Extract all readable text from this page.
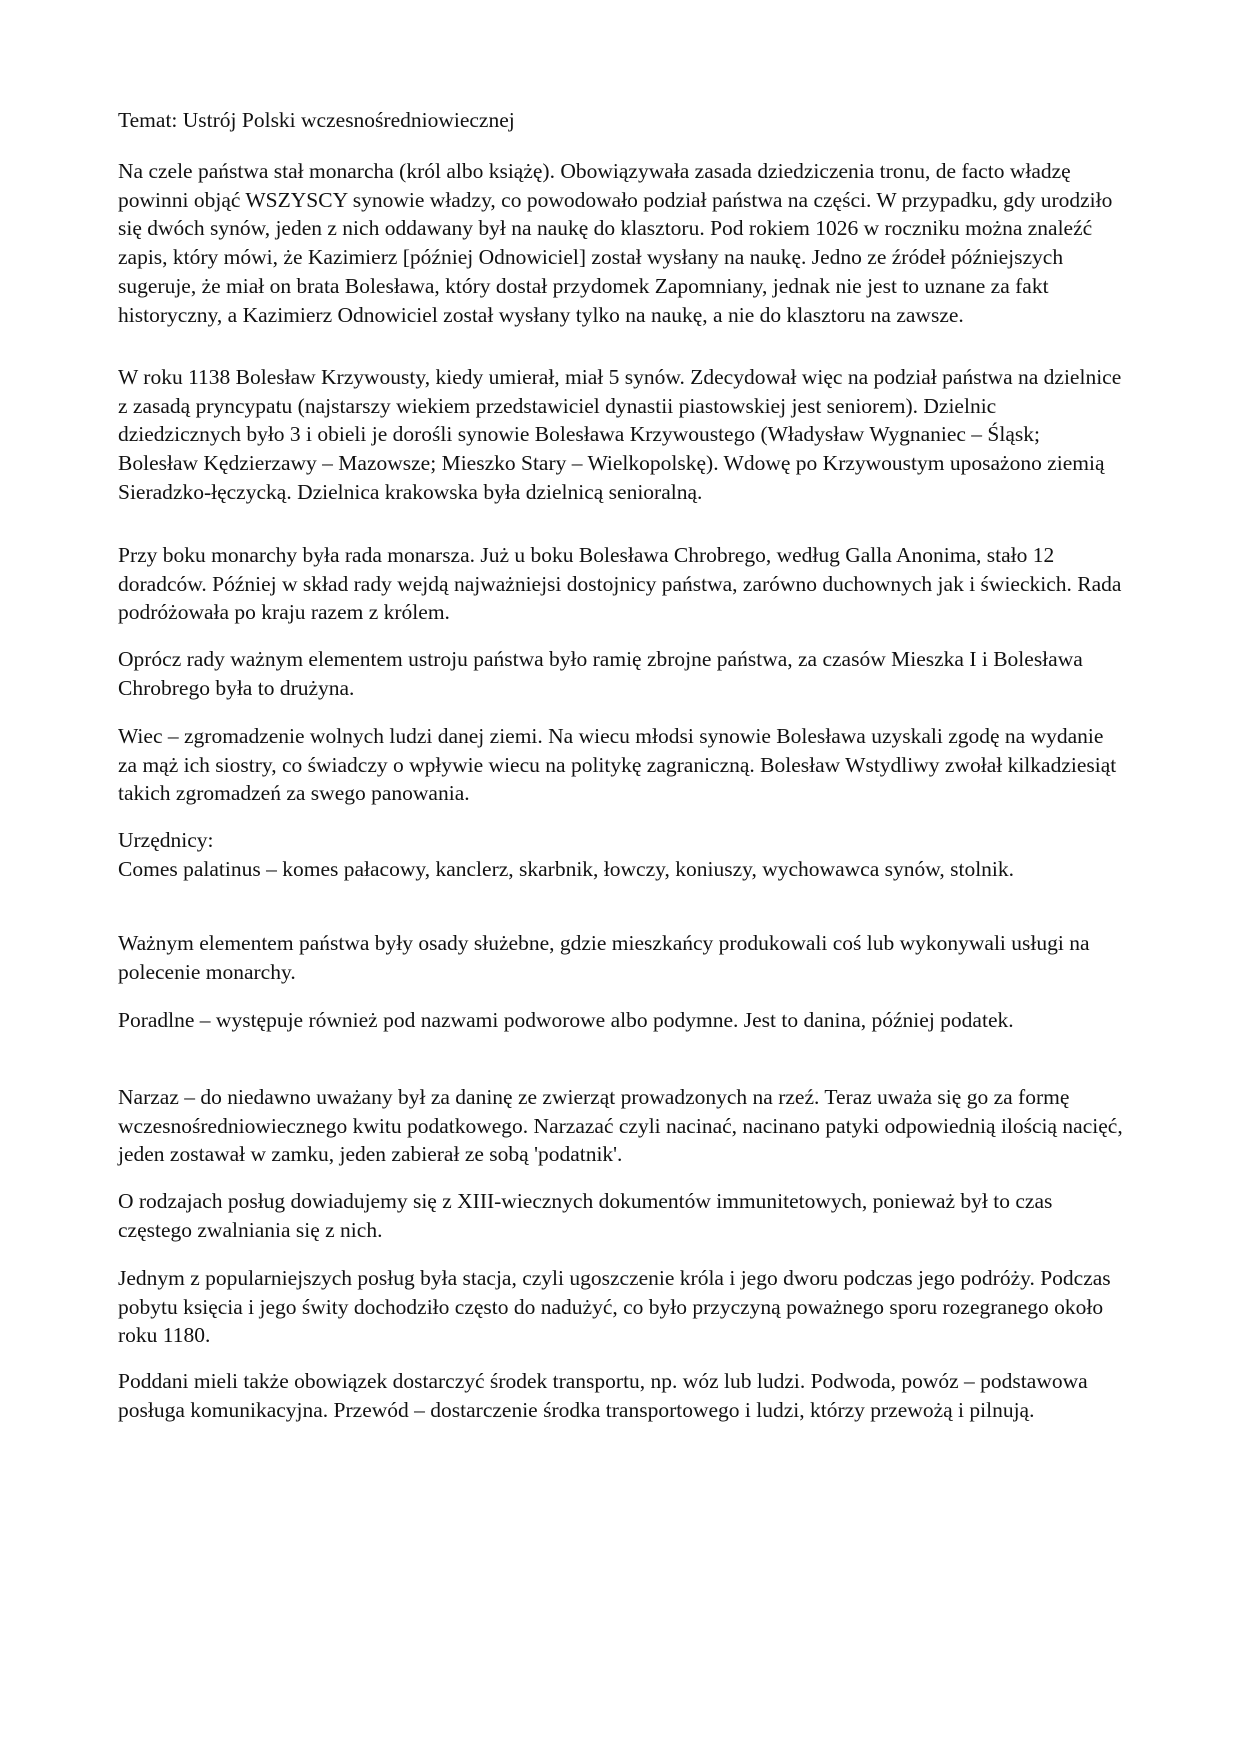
Temat: Ustrój Polski wczesnośredniowiecznej

Na czele państwa stał monarcha (król albo książę). Obowiązywała zasada dziedziczenia tronu, de facto władzę powinni objąć WSZYSCY synowie władzy, co powodowało podział państwa na części. W przypadku, gdy urodziło się dwóch synów, jeden z nich oddawany był na naukę do klasztoru. Pod rokiem 1026 w roczniku można znaleźć zapis, który mówi, że Kazimierz [później Odnowiciel] został wysłany na naukę. Jedno ze źródeł późniejszych sugeruje, że miał on brata Bolesława, który dostał przydomek Zapomniany, jednak nie jest to uznane za fakt historyczny, a Kazimierz Odnowiciel został wysłany tylko na naukę, a nie do klasztoru na zawsze.

W roku 1138 Bolesław Krzywousty, kiedy umierał, miał 5 synów. Zdecydował więc na podział państwa na dzielnice z zasadą pryncypatu (najstarszy wiekiem przedstawiciel dynastii piastowskiej jest seniorem). Dzielnic dziedzicznych było 3 i obieli je dorośli synowie Bolesława Krzywoustego (Władysław Wygnaniec – Śląsk; Bolesław Kędzierzawy – Mazowsze; Mieszko Stary – Wielkopolskę). Wdowę po Krzywoustym uposażono ziemią Sieradzko-łęczycką. Dzielnica krakowska była dzielnicą senioralną.

Przy boku monarchy była rada monarsza. Już u boku Bolesława Chrobrego, według Galla Anonima, stało 12 doradców. Później w skład rady wejdą najważniejsi dostojnicy państwa, zarówno duchownych jak i świeckich. Rada podróżowała po kraju razem z królem.

Oprócz rady ważnym elementem ustroju państwa było ramię zbrojne państwa, za czasów Mieszka I i Bolesława Chrobrego była to drużyna.

Wiec – zgromadzenie wolnych ludzi danej ziemi. Na wiecu młodsi synowie Bolesława uzyskali zgodę na wydanie za mąż ich siostry, co świadczy o wpływie wiecu na politykę zagraniczną. Bolesław Wstydliwy zwołał kilkadziesiąt takich zgromadzeń za swego panowania.

Urzędnicy:
Comes palatinus – komes pałacowy, kanclerz, skarbnik, łowczy, koniuszy, wychowawca synów, stolnik.

Ważnym elementem państwa były osady służebne, gdzie mieszkańcy produkowali coś lub wykonywali usługi na polecenie monarchy.

Poradlne – występuje również pod nazwami podworowe albo podymne. Jest to danina, później podatek.

Narzaz – do niedawno uważany był za daninę ze zwierząt prowadzonych na rzeź. Teraz uważa się go za formę wczesnośredniowiecznego kwitu podatkowego. Narzazać czyli nacinać, nacinano patyki odpowiednią ilością nacięć, jeden zostawał w zamku, jeden zabierał ze sobą 'podatnik'.

O rodzajach posług dowiadujemy się z XIII-wiecznych dokumentów immunitetowych, ponieważ był to czas częstego zwalniania się z nich.

Jednym z popularniejszych posług była stacja, czyli ugoszczenie króla i jego dworu podczas jego podróży. Podczas pobytu księcia i jego świty dochodziło często do nadużyć, co było przyczyną poważnego sporu rozegranego około roku 1180.

Poddani mieli także obowiązek dostarczyć środek transportu, np. wóz lub ludzi. Podwoda, powóz – podstawowa posługa komunikacyjna. Przewód – dostarczenie środka transportowego i ludzi, którzy przewożą i pilnują.
